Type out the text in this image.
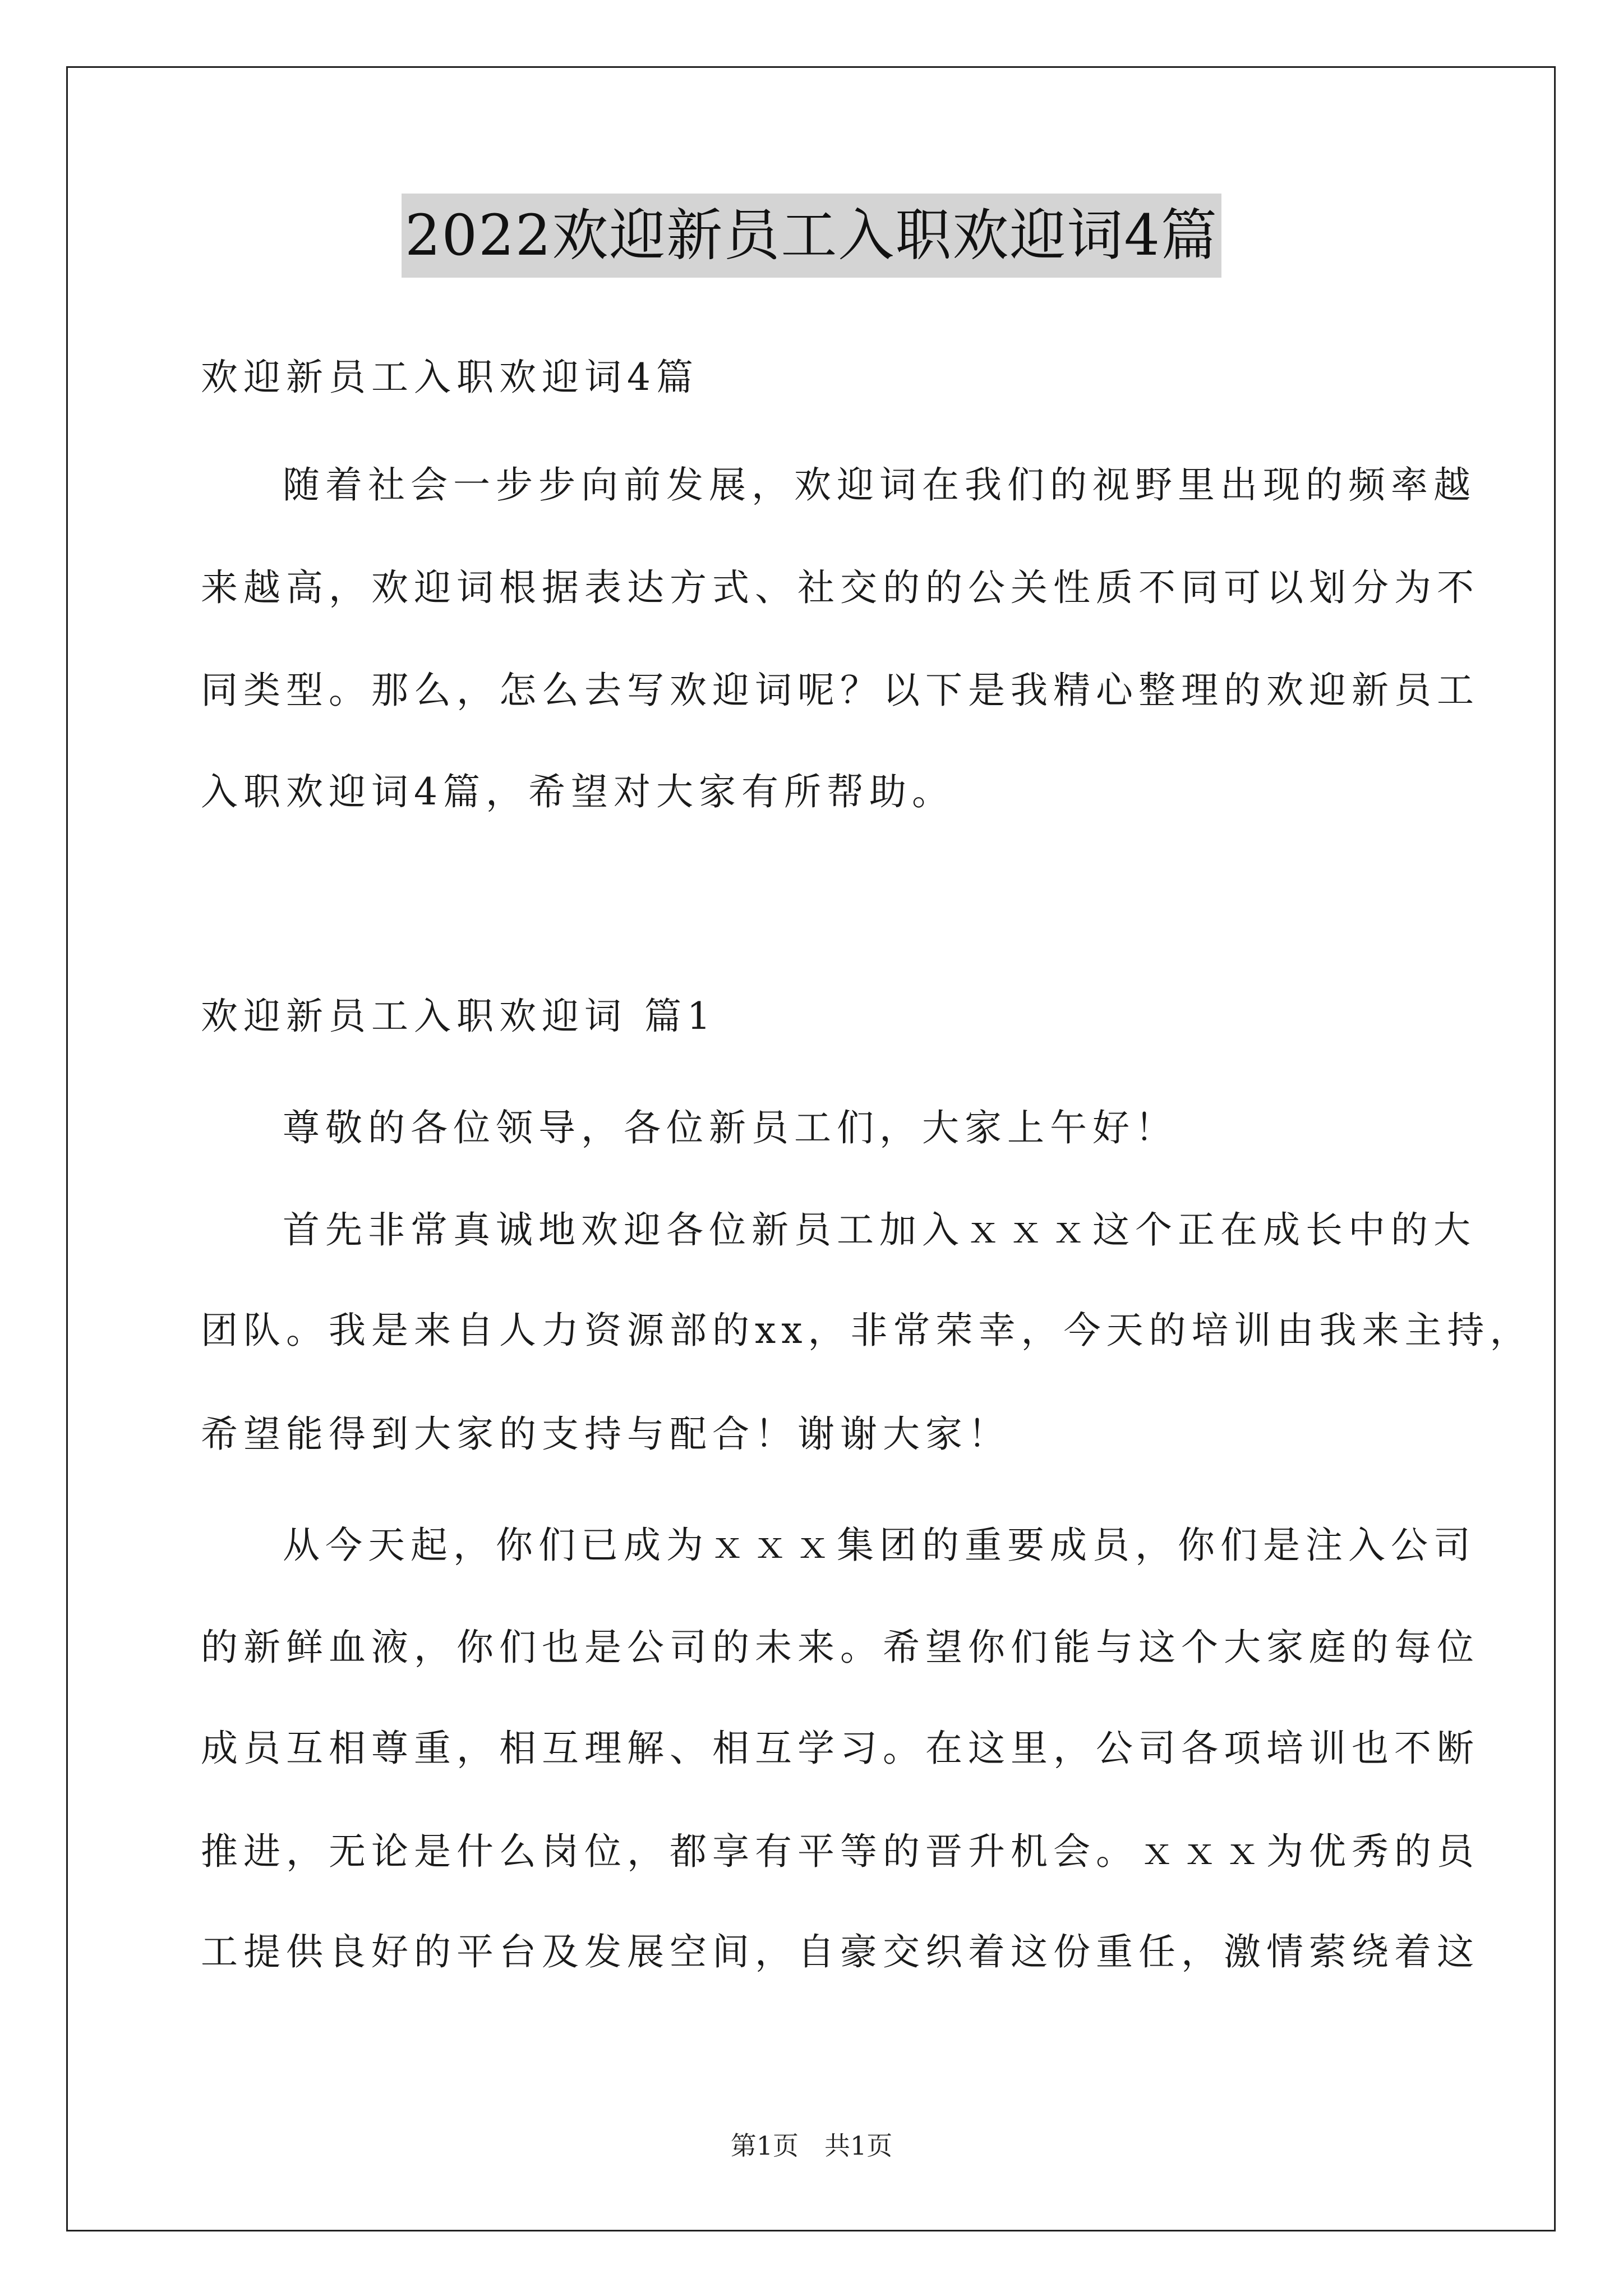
2022欢迎新员工入职欢迎词4篇
欢迎新员工入职欢迎词4篇
随着社会一步步向前发展，欢迎词在我们的视野里出现的频率越
来越高，欢迎词根据表达方式、社交的的公关性质不同可以划分为不
同类型。那么，怎么去写欢迎词呢？以下是我精心整理的欢迎新员工
入职欢迎词4篇，希望对大家有所帮助。
欢迎新员工入职欢迎词 篇1
尊敬的各位领导，各位新员工们，大家上午好！
首先非常真诚地欢迎各位新员工加入ｘｘｘ这个正在成长中的大
团队。我是来自人力资源部的xx，非常荣幸，今天的培训由我来主持，
希望能得到大家的支持与配合！谢谢大家！
从今天起，你们已成为ｘｘｘ集团的重要成员，你们是注入公司
的新鲜血液，你们也是公司的未来。希望你们能与这个大家庭的每位
成员互相尊重，相互理解、相互学习。在这里，公司各项培训也不断
推进，无论是什么岗位，都享有平等的晋升机会。ｘｘｘ为优秀的员
工提供良好的平台及发展空间，自豪交织着这份重任，激情萦绕着这
第1页　共1页
